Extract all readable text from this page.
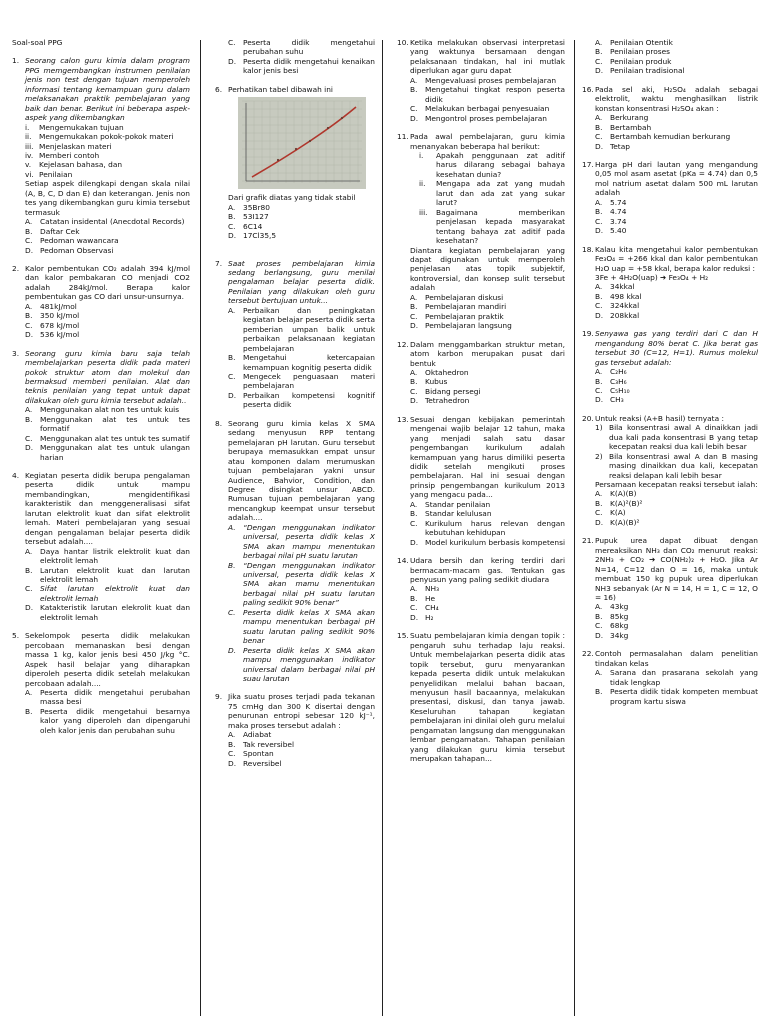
Soal-soal PPG
1. Seorang calon guru kimia dalam program PPG memgembangkan instrumen penilaian jenis non test dengan tujuan memperoleh informasi tentang kemampuan guru dalam melaksanakan praktik pembelajaran yang baik dan benar. Berikut ini beberapa aspek-aspek yang dikembangkan
i. Mengemukakan tujuan
ii. Mengemukakan pokok-pokok materi
iii. Menjelaskan materi
iv. Memberi contoh
v. Kejelasan bahasa, dan
vi. Penilaian
Setiap aspek dilengkapi dengan skala nilai (A, B, C, D dan E) dan keterangan. Jenis non tes yang dikembangkan guru kimia tersebut termasuk
A. Catatan insidental (Anecdotal Records)
B. Daftar Cek
C. Pedoman wawancara
D. Pedoman Observasi
2. Kalor pembentukan CO₂ adalah 394 kJ/mol dan kalor pembakaran CO menjadi CO2 adalah 284kJ/mol. Berapa kalor pembentukan gas CO dari unsur-unsurnya.
A. 481kJ/mol
B. 350 kJ/mol
C. 678 kJ/mol
D. 536 kJ/mol
3. Seorang guru kimia baru saja telah membelajarkan peserta didik pada materi pokok struktur atom dan molekul dan bermaksud memberi penilaian. Alat dan teknis penilaian yang tepat untuk dapat dilakukan oleh guru kimia tersebut adalah..
A. Menggunakan alat non tes untuk kuis
B. Menggunakan alat tes untuk tes formatif
C. Menggunakan alat tes untuk tes sumatif
D. Menggunakan alat tes untuk ulangan harian
4. Kegiatan peserta didik berupa pengalaman peserta didik untuk mampu membandingkan, mengidentifikasi karakteristik dan menggeneralisasi sifat larutan elektrolit kuat dan sifat elektrolit lemah. Materi pembelajaran yang sesuai dengan pengalaman belajar peserta didik tersebut adalah....
A. Daya hantar listrik elektrolit kuat dan elektrolit lemah
B. Larutan elektrolit kuat dan larutan elektrolit lemah
C. Sifat larutan elektrolit kuat dan elektrolit lemah
D. Katakteristik larutan elekrolit kuat dan elektrolit lemah
5. Sekelompok peserta didik melakukan percobaan memanaskan besi dengan massa 1 kg, kalor jenis besi 450 J/kg °C. Aspek hasil belajar yang diharapkan diperoleh peserta didik setelah melakukan percobaan adalah....
A. Peserta didik mengetahui perubahan massa besi
B. Peserta didik mengetahui besarnya kalor yang diperoleh dan dipengaruhi oleh kalor jenis dan perubahan suhu
C. Peserta didik mengetahui perubahan suhu
D. Peserta didik mengetahui kenaikan kalor jenis besi
6. Perhatikan tabel dibawah ini
Dari grafik diatas yang tidak stabil
A. 35Br80
B. 53I127
C. 6C14
D. 17Cl35,5
7. Saat proses pembelajaran kimia sedang berlangsung, guru menilai pengalaman belajar peserta didik. Penilaian yang dilakukan oleh guru tersebut bertujuan untuk...
A. Perbaikan dan peningkatan kegiatan belajar peserta didik serta pemberian umpan balik untuk perbaikan pelaksanaan kegiatan pembelajaran
B. Mengetahui ketercapaian kemampuan kognitig peserta didik
C. Mengecek penguasaan materi pembelajaran
D. Perbaikan kompetensi kognitif peserta didik
8. Seorang guru kimia kelas X SMA sedang menyusun RPP tentang pemelajaran pH larutan. Guru tersebut berupaya memasukkan empat unsur atau komponen dalam merumuskan tujuan pembelajaran yakni unsur Audience, Bahvior, Condition, dan Degree disingkat unsur ABCD. Rumusan tujuan pembelajaran yang mencangkup keempat unsur tersebut adalah....
A. “Dengan menggunakan indikator universal, peserta didik kelas X SMA akan mampu menentukan berbagai nilai pH suatu larutan
B. “Dengan menggunakan indikator universal, peserta didik kelas X SMA akan mamu menentukan berbagai nilai pH suatu larutan paling sedikit 90% benar”
C. Peserta didik kelas X SMA akan mampu menentukan berbagai pH suatu larutan paling sedikit 90% benar
D. Peserta didik kelas X SMA akan mampu menggunakan indikator universal dalam berbagai nilai pH suau larutan
9. Jika suatu proses terjadi pada tekanan 75 cmHg dan 300 K disertai dengan penurunan entropi sebesar 120 kJ⁻¹, maka proses tersebut adalah :
A. Adiabat
B. Tak reversibel
C. Spontan
D. Reversibel
10. Ketika melakukan observasi interpretasi yang waktunya bersamaan dengan pelaksanaan tindakan, hal ini mutlak diperlukan agar guru dapat
A. Mengevaluasi proses pembelajaran
B. Mengetahui tingkat respon peserta didik
C. Melakukan berbagai penyesuaian
D. Mengontrol proses pembelajaran
11. Pada awal pembelajaran, guru kimia menanyakan beberapa hal berikut:
i. Apakah penggunaan zat aditif harus dilarang sebagai bahaya kesehatan dunia?
ii. Mengapa ada zat yang mudah larut dan ada zat yang sukar larut?
iii. Bagaimana memberikan penjelasan kepada masyarakat tentang bahaya zat aditif pada kesehatan?
Diantara kegiatan pembelajaran yang dapat digunakan untuk memperoleh penjelasan atas topik subjektif, kontroversial, dan konsep sulit tersebut adalah
A. Pembelajaran diskusi
B. Pembelajaran mandiri
C. Pembelajaran praktik
D. Pembelajaran langsung
12. Dalam menggambarkan struktur metan, atom karbon merupakan pusat dari bentuk
A. Oktahedron
B. Kubus
C. Bidang persegi
D. Tetrahedron
13. Sesuai dengan kebijakan pemerintah mengenai wajib belajar 12 tahun, maka yang menjadi salah satu dasar pengembangan kurikulum adalah kemampuan yang harus dimiliki peserta didik setelah mengikuti proses pembelajaran. Hal ini sesuai dengan prinsip pengembangan kurikulum 2013 yang mengacu pada...
A. Standar penilaian
B. Standar kelulusan
C. Kurikulum harus relevan dengan kebutuhan kehidupan
D. Model kurikulum berbasis kompetensi
14. Udara bersih dan kering terdiri dari bermacam-macam gas. Tentukan gas penyusun yang paling sedikit diudara
A. NH₃
B. He
C. CH₄
D. H₂
15. Suatu pembelajaran kimia dengan topik : pengaruh suhu terhadap laju reaksi. Untuk membelajarkan peserta didik atas topik tersebut, guru menyarankan kepada peserta didik untuk melakukan penyelidikan melalui bahan bacaan, menyusun hasil bacaannya, melakukan presentasi, diskusi, dan tanya jawab. Keseluruhan tahapan kegiatan pembelajaran ini dinilai oleh guru melalui pengamatan langsung dan menggunakan lembar pengamatan. Tahapan penilaian yang dilakukan guru kimia tersebut merupakan tahapan...
A. Penilaian Otentik
B. Penilaian proses
C. Penilaian produk
D. Penilaian tradisional
16. Pada sel aki, H₂SO₄ adalah sebagai elektrolit, waktu menghasilkan listrik konstan konsentrasi H₂SO₄ akan :
A. Berkurang
B. Bertambah
C. Bertambah kemudian berkurang
D. Tetap
17. Harga pH dari lautan yang mengandung 0,05 mol asam asetat (pKa = 4.74) dan 0,5 mol natrium asetat dalam 500 mL larutan adalah
A. 5.74
B. 4.74
C. 3.74
D. 5.40
18. Kalau kita mengetahui kalor pembentukan Fe₃O₄ = +266 kkal dan kalor pembentukan H₂O uap = +58 kkal, berapa kalor reduksi :
3Fe + 4H₂O(uap) ➔ Fe₃O₄ + H₂
A. 34kkal
B. 498 kkal
C. 324kkal
D. 208kkal
19. Senyawa gas yang terdiri dari C dan H mengandung 80% berat C. Jika berat gas tersebut 30 (C=12, H=1). Rumus molekul gas tersebut adalah:
A. C₂H₆
B. C₃H₆
C. C₅H₁₀
D. CH₃
20. Untuk reaksi (A+B hasil) ternyata :
1) Bila konsentrasi awal A dinaikkan jadi dua kali pada konsentrasi B yang tetap kecepatan reaksi dua kali lebih besar
2) Bila konsentrasi awal A dan B masing masing dinaikkan dua kali, kecepatan reaksi delapan kali lebih besar
Persamaan kecepatan reaksi tersebut ialah:
A. K(A)(B)
B. K(A)²(B)²
C. K(A)
D. K(A)(B)²
21. Pupuk urea dapat dibuat dengan mereaksikan NH₃ dan CO₂ menurut reaksi: 2NH₃ + CO₂ ➔ CO(NH₂)₂ + H₂O. Jika Ar N=14, C=12 dan O = 16, maka untuk membuat 150 kg pupuk urea diperlukan NH3 sebanyak (Ar N = 14, H = 1, C = 12, O = 16)
A. 43kg
B. 85kg
C. 68kg
D. 34kg
22. Contoh permasalahan dalam penelitian tindakan kelas
A. Sarana dan prasarana sekolah yang tidak lengkap
B. Peserta didik tidak kompeten membuat program kartu siswa
